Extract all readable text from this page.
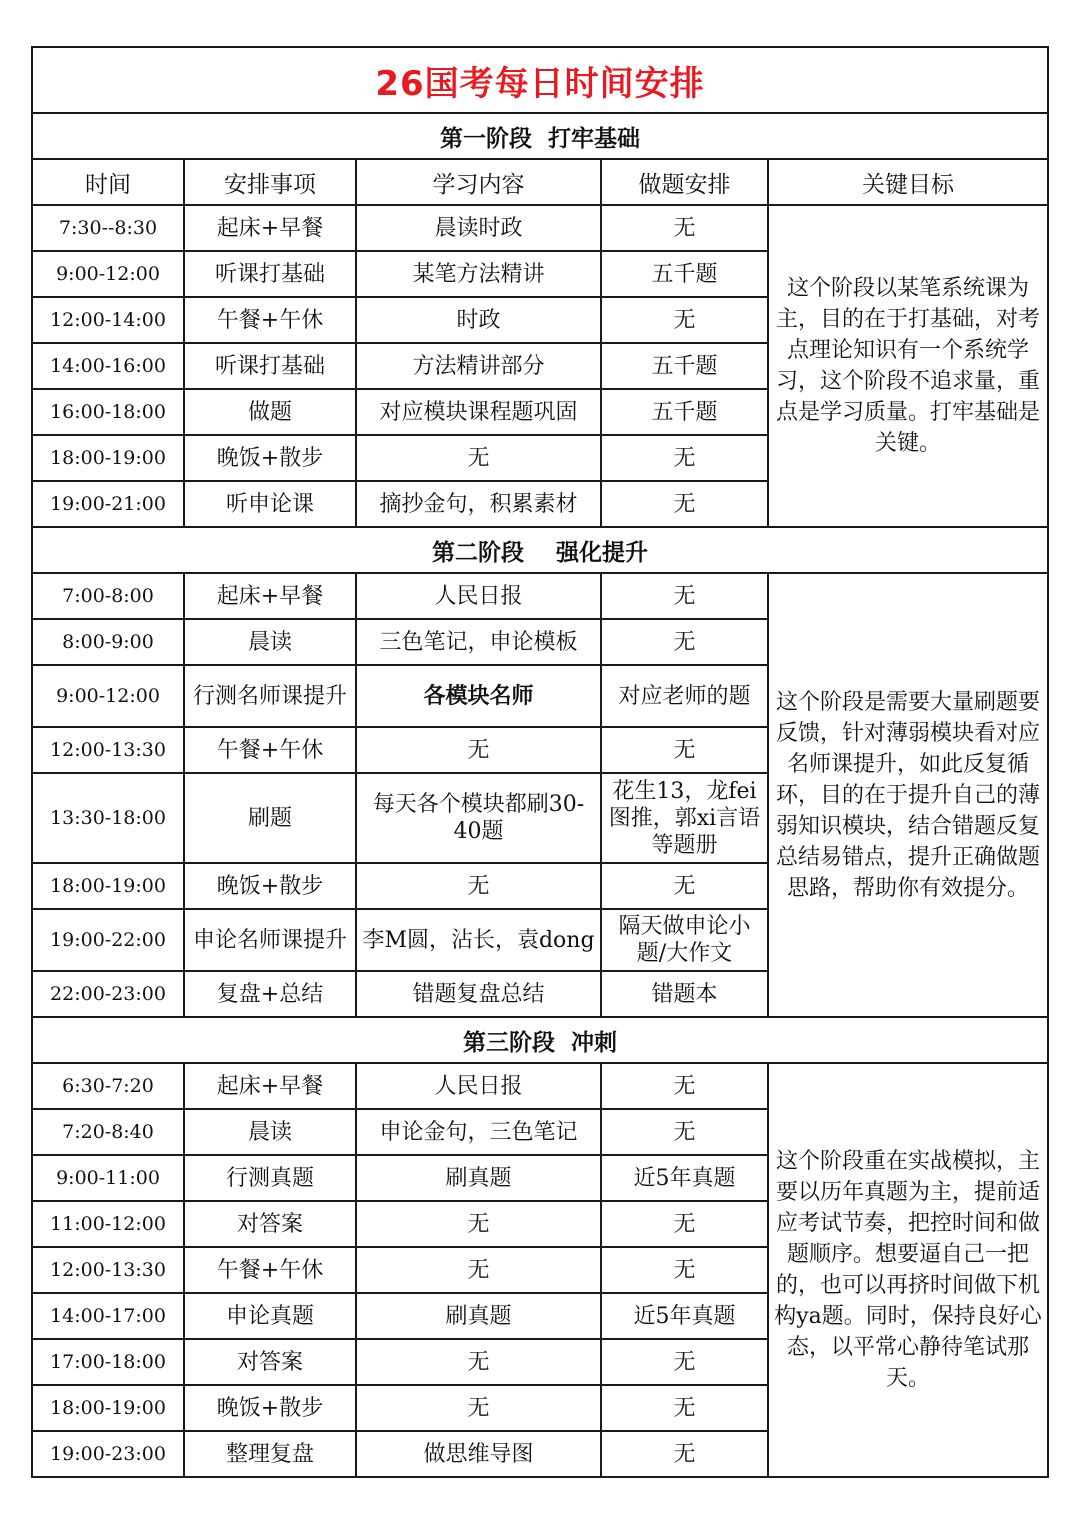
26国考每日时间安排				
第一阶段  打牢基础				
时间	安排事项	学习内容	做题安排	关键目标
7:30--8:30	起床+早餐	晨读时政	无	这个阶段以某笔系统课为主，目的在于打基础，对考点理论知识有一个系统学习，这个阶段不追求量，重点是学习质量。打牢基础是关键。
9:00-12:00	听课打基础	某笔方法精讲	五千题	
12:00-14:00	午餐+午休	时政	无	
14:00-16:00	听课打基础	方法精讲部分	五千题	
16:00-18:00	做题	对应模块课程题巩固	五千题	
18:00-19:00	晚饭+散步	无	无	
19:00-21:00	听申论课	摘抄金句，积累素材	无	
第二阶段    强化提升				
7:00-8:00	起床+早餐	人民日报	无	这个阶段是需要大量刷题要反馈，针对薄弱模块看对应名师课提升，如此反复循环，目的在于提升自己的薄弱知识模块，结合错题反复总结易错点，提升正确做题思路，帮助你有效提分。
8:00-9:00	晨读	三色笔记，申论模板	无	
9:00-12:00	行测名师课提升	各模块名师	对应老师的题	
12:00-13:30	午餐+午休	无	无	
13:30-18:00	刷题	每天各个模块都刷30-40题	花生13，龙fei图推，郭xi言语等题册	
18:00-19:00	晚饭+散步	无	无	
19:00-22:00	申论名师课提升	李M圆，沾长，袁dong	隔天做申论小题/大作文	
22:00-23:00	复盘+总结	错题复盘总结	错题本	
第三阶段  冲刺				
6:30-7:20	起床+早餐	人民日报	无	这个阶段重在实战模拟，主要以历年真题为主，提前适应考试节奏，把控时间和做题顺序。想要逼自己一把的，也可以再挤时间做下机构ya题。同时，保持良好心态，以平常心静待笔试那天。
7:20-8:40	晨读	申论金句，三色笔记	无	
9:00-11:00	行测真题	刷真题	近5年真题	
11:00-12:00	对答案	无	无	
12:00-13:30	午餐+午休	无	无	
14:00-17:00	申论真题	刷真题	近5年真题	
17:00-18:00	对答案	无	无	
18:00-19:00	晚饭+散步	无	无	
19:00-23:00	整理复盘	做思维导图	无	
